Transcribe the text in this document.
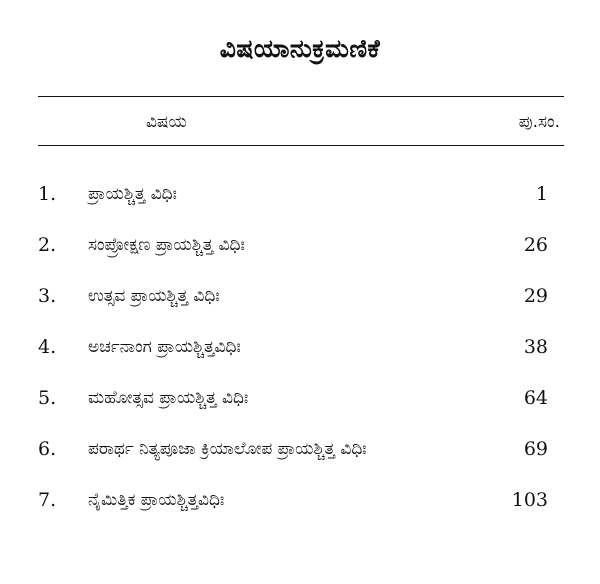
ವಿಷಯಾನುಕ್ರಮಣಿಕೆ
ವಿಷಯ	ಪು.ಸಂ.
1. ಪ್ರಾಯಶ್ಚಿತ್ತ ವಿಧಿಃ	1
2. ಸಂಪ್ರೋಕ್ಷಣ ಪ್ರಾಯಶ್ಚಿತ್ತ ವಿಧಿಃ	26
3. ಉತ್ಸವ ಪ್ರಾಯಶ್ಚಿತ್ತ ವಿಧಿಃ	29
4. ಅರ್ಚನಾಂಗ ಪ್ರಾಯಶ್ಚಿತ್ತವಿಧಿಃ	38
5. ಮಹೋತ್ಸವ ಪ್ರಾಯಶ್ಚಿತ್ತ ವಿಧಿಃ	64
6. ಪರಾರ್ಥ ನಿತ್ಯಪೂಜಾ ಕ್ರಿಯಾಲೋಪ ಪ್ರಾಯಶ್ಚಿತ್ತ ವಿಧಿಃ	69
7. ನೈಮಿತ್ತಿಕ ಪ್ರಾಯಶ್ಚಿತ್ತವಿಧಿಃ	103
